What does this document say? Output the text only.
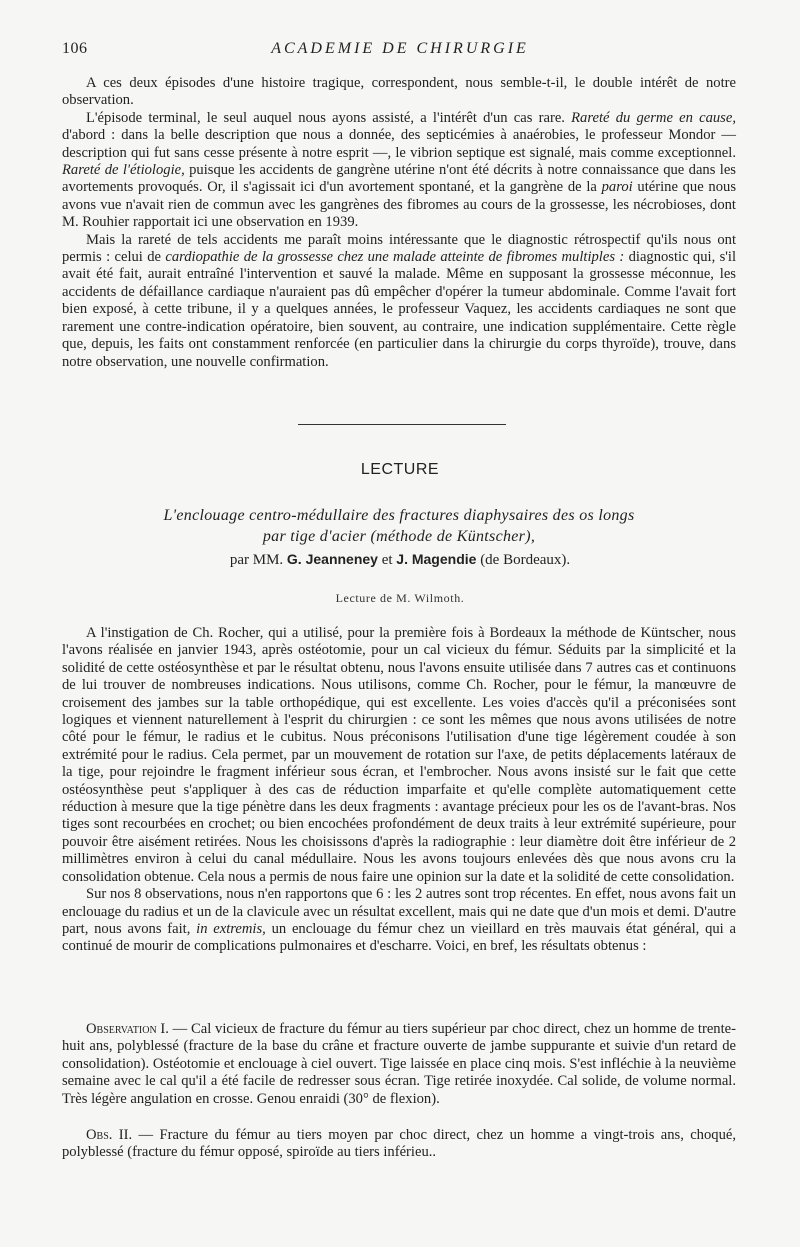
106	ACADEMIE DE CHIRURGIE

A ces deux épisodes d'une histoire tragique, correspondent, nous semble-t-il, le double intérêt de notre observation.

L'épisode terminal, le seul auquel nous ayons assisté, a l'intérêt d'un cas rare. Rareté du germe en cause, d'abord : dans la belle description que nous a donnée, des septicémies à anaérobies, le professeur Mondor — description qui fut sans cesse présente à notre esprit —, le vibrion septique est signalé, mais comme exceptionnel. Rareté de l'étiologie, puisque les accidents de gangrène utérine n'ont été décrits à notre connaissance que dans les avortements provoqués. Or, il s'agissait ici d'un avortement spontané, et la gangrène de la paroi utérine que nous avons vue n'avait rien de commun avec les gangrènes des fibromes au cours de la grossesse, les nécrobioses, dont M. Rouhier rapportait ici une observation en 1939.

Mais la rareté de tels accidents me paraît moins intéressante que le diagnostic rétrospectif qu'ils nous ont permis : celui de cardiopathie de la grossesse chez une malade atteinte de fibromes multiples : diagnostic qui, s'il avait été fait, aurait entraîné l'intervention et sauvé la malade. Même en supposant la grossesse méconnue, les accidents de défaillance cardiaque n'auraient pas dû empêcher d'opérer la tumeur abdominale. Comme l'avait fort bien exposé, à cette tribune, il y a quelques années, le professeur Vaquez, les accidents cardiaques ne sont que rarement une contre-indication opératoire, bien souvent, au contraire, une indication supplémentaire. Cette règle que, depuis, les faits ont constamment renforcée (en particulier dans la chirurgie du corps thyroïde), trouve, dans notre observation, une nouvelle confirmation.

LECTURE
L'enclouage centro-médullaire des fractures diaphysaires des os longs
par tige d'acier (méthode de Küntscher),
par MM. G. Jeanneney et J. Magendie (de Bordeaux).
Lecture de M. Wilmoth.

A l'instigation de Ch. Rocher, qui a utilisé, pour la première fois à Bordeaux la méthode de Küntscher, nous l'avons réalisée en janvier 1943, après ostéotomie, pour un cal vicieux du fémur. Séduits par la simplicité et la solidité de cette ostéosynthèse et par le résultat obtenu, nous l'avons ensuite utilisée dans 7 autres cas et continuons de lui trouver de nombreuses indications. Nous utilisons, comme Ch. Rocher, pour le fémur, la manœuvre de croisement des jambes sur la table orthopédique, qui est excellente. Les voies d'accès qu'il a préconisées sont logiques et viennent naturellement à l'esprit du chirurgien : ce sont les mêmes que nous avons utilisées de notre côté pour le fémur, le radius et le cubitus. Nous préconisons l'utilisation d'une tige légèrement coudée à son extrémité pour le radius. Cela permet, par un mouvement de rotation sur l'axe, de petits déplacements latéraux de la tige, pour rejoindre le fragment inférieur sous écran, et l'embrocher. Nous avons insisté sur le fait que cette ostéosynthèse peut s'appliquer à des cas de réduction imparfaite et qu'elle complète automatiquement cette réduction à mesure que la tige pénètre dans les deux fragments : avantage précieux pour les os de l'avant-bras. Nos tiges sont recourbées en crochet; ou bien encochées profondément de deux traits à leur extrémité supérieure, pour pouvoir être aisément retirées. Nous les choisissons d'après la radiographie : leur diamètre doit être inférieur de 2 millimètres environ à celui du canal médullaire. Nous les avons toujours enlevées dès que nous avons cru la consolidation obtenue. Cela nous a permis de nous faire une opinion sur la date et la solidité de cette consolidation.

Sur nos 8 observations, nous n'en rapportons que 6 : les 2 autres sont trop récentes. En effet, nous avons fait un enclouage du radius et un de la clavicule avec un résultat excellent, mais qui ne date que d'un mois et demi. D'autre part, nous avons fait, in extremis, un enclouage du fémur chez un vieillard en très mauvais état général, qui a continué de mourir de complications pulmonaires et d'escharre. Voici, en bref, les résultats obtenus :

Observation I. — Cal vicieux de fracture du fémur au tiers supérieur par choc direct, chez un homme de trente-huit ans, polyblessé (fracture de la base du crâne et fracture ouverte de jambe suppurante et suivie d'un retard de consolidation). Ostéotomie et enclouage à ciel ouvert. Tige laissée en place cinq mois. S'est infléchie à la neuvième semaine avec le cal qu'il a été facile de redresser sous écran. Tige retirée inoxydée. Cal solide, de volume normal. Très légère angulation en crosse. Genou enraidi (30° de flexion).

Obs. II. — Fracture du fémur au tiers moyen par choc direct, chez un homme a vingt-trois ans, choqué, polyblessé (fracture du fémur opposé, spiroïde au tiers inférieu..
